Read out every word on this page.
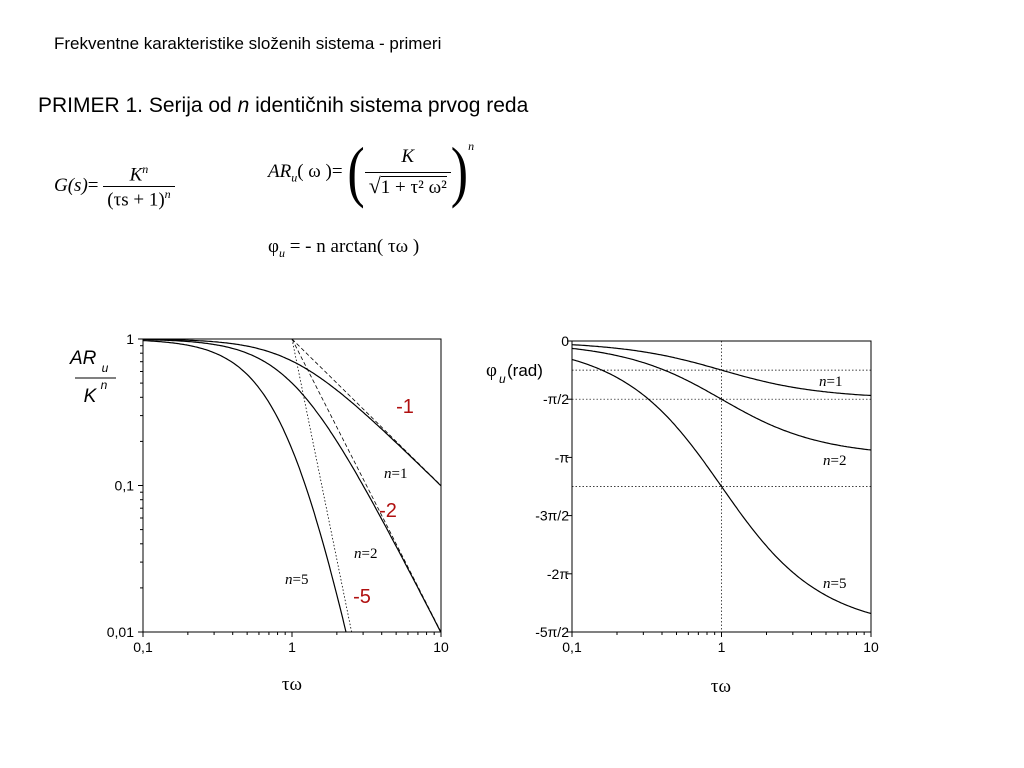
Frekventne karakteristike složenih sistema - primeri
PRIMER 1. Serija od n identičnih sistema prvog reda
$G(s)= \frac{K^n}{(\tau s + 1)^n}$	$AR_u$( ω )= ( $\frac{K}{\text{√1 + τ² ω²}} )^n$
$\varphi_u$ = - n arctan( τω )
0,1	1	10
1
0,1
0,01
-1
-2
-5
n=1
n=2
n=5
τω
AR u
K
n
0,1	1	10
0
-π/2
-π
-3π/2
-2π
-5π/2
n=1
n=2
n=5
τω
φ u (rad)
